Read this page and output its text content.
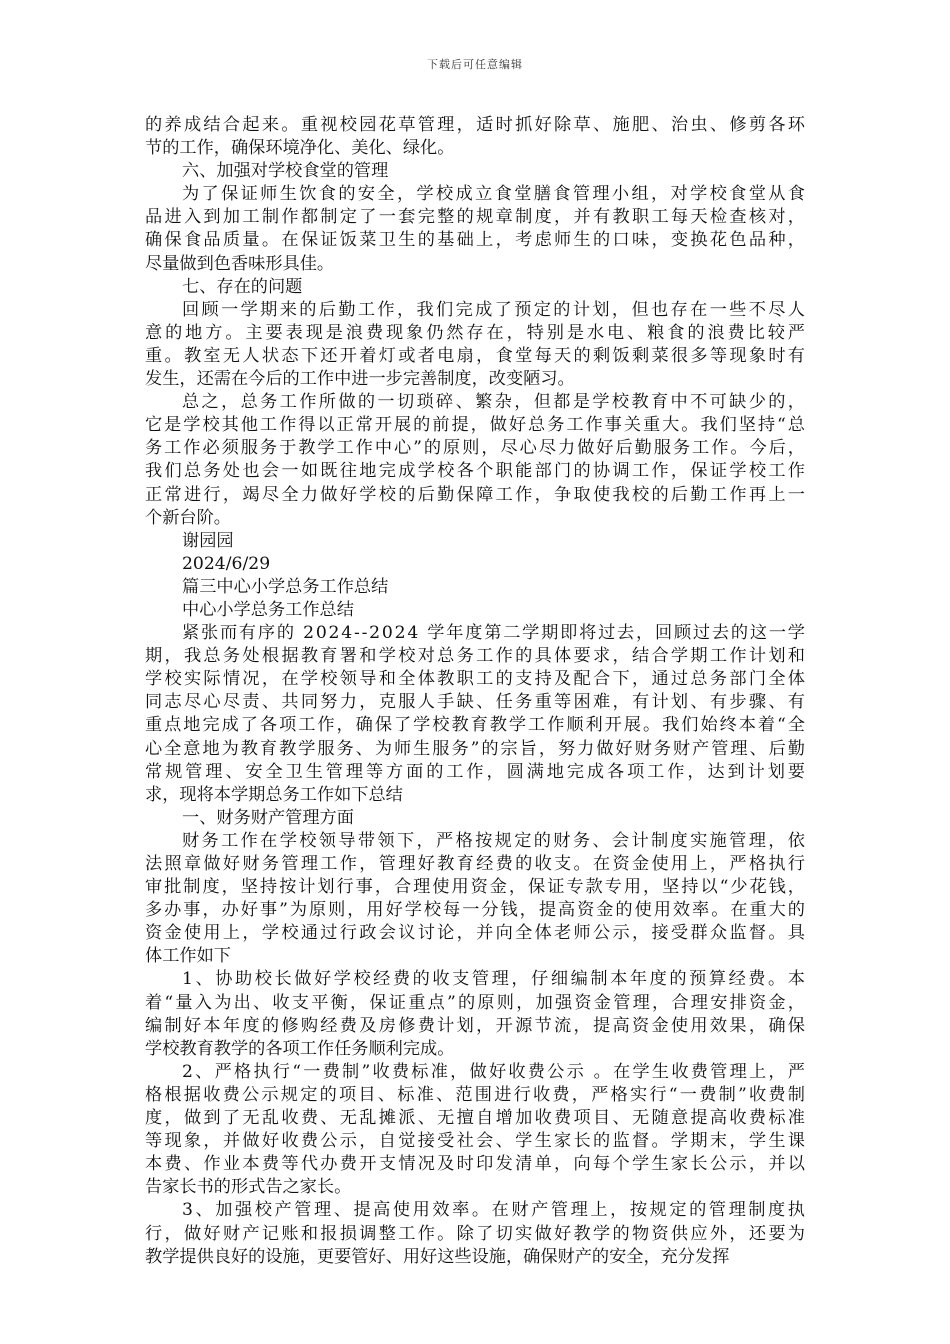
下载后可任意编辑
的养成结合起来。重视校园花草管理，适时抓好除草、施肥、治虫、修剪各环
节的工作，确保环境净化、美化、绿化。
六、加强对学校食堂的管理
为了保证师生饮食的安全，学校成立食堂膳食管理小组，对学校食堂从食
品进入到加工制作都制定了一套完整的规章制度，并有教职工每天检查核对，
确保食品质量。在保证饭菜卫生的基础上，考虑师生的口味，变换花色品种，
尽量做到色香味形具佳。
七、存在的问题
回顾一学期来的后勤工作，我们完成了预定的计划，但也存在一些不尽人
意的地方。主要表现是浪费现象仍然存在，特别是水电、粮食的浪费比较严
重。教室无人状态下还开着灯或者电扇，食堂每天的剩饭剩菜很多等现象时有
发生，还需在今后的工作中进一步完善制度，改变陋习。
总之，总务工作所做的一切琐碎、繁杂，但都是学校教育中不可缺少的，
它是学校其他工作得以正常开展的前提，做好总务工作事关重大。我们坚持“总
务工作必须服务于教学工作中心”的原则，尽心尽力做好后勤服务工作。今后，
我们总务处也会一如既往地完成学校各个职能部门的协调工作，保证学校工作
正常进行，竭尽全力做好学校的后勤保障工作，争取使我校的后勤工作再上一
个新台阶。
谢园园
2024/6/29
篇三中心小学总务工作总结
中心小学总务工作总结
紧张而有序的 2024--2024 学年度第二学期即将过去，回顾过去的这一学
期，我总务处根据教育署和学校对总务工作的具体要求，结合学期工作计划和
学校实际情况，在学校领导和全体教职工的支持及配合下，通过总务部门全体
同志尽心尽责、共同努力，克服人手缺、任务重等困难，有计划、有步骤、有
重点地完成了各项工作，确保了学校教育教学工作顺利开展。我们始终本着“全
心全意地为教育教学服务、为师生服务”的宗旨，努力做好财务财产管理、后勤
常规管理、安全卫生管理等方面的工作，圆满地完成各项工作，达到计划要
求，现将本学期总务工作如下总结
一、财务财产管理方面
财务工作在学校领导带领下，严格按规定的财务、会计制度实施管理，依
法照章做好财务管理工作，管理好教育经费的收支。在资金使用上，严格执行
审批制度，坚持按计划行事，合理使用资金，保证专款专用，坚持以“少花钱，
多办事，办好事”为原则，用好学校每一分钱，提高资金的使用效率。在重大的
资金使用上，学校通过行政会议讨论，并向全体老师公示，接受群众监督。具
体工作如下
1、协助校长做好学校经费的收支管理，仔细编制本年度的预算经费。本
着“量入为出、收支平衡，保证重点”的原则，加强资金管理，合理安排资金，
编制好本年度的修购经费及房修费计划，开源节流，提高资金使用效果，确保
学校教育教学的各项工作任务顺利完成。
2、严格执行“一费制”收费标准，做好收费公示 。在学生收费管理上，严
格根据收费公示规定的项目、标准、范围进行收费，严格实行“一费制”收费制
度，做到了无乱收费、无乱摊派、无擅自增加收费项目、无随意提高收费标准
等现象，并做好收费公示，自觉接受社会、学生家长的监督。学期末，学生课
本费、作业本费等代办费开支情况及时印发清单，向每个学生家长公示，并以
告家长书的形式告之家长。
3、加强校产管理、提高使用效率。在财产管理上，按规定的管理制度执
行，做好财产记账和报损调整工作。除了切实做好教学的物资供应外，还要为
教学提供良好的设施，更要管好、用好这些设施，确保财产的安全，充分发挥
